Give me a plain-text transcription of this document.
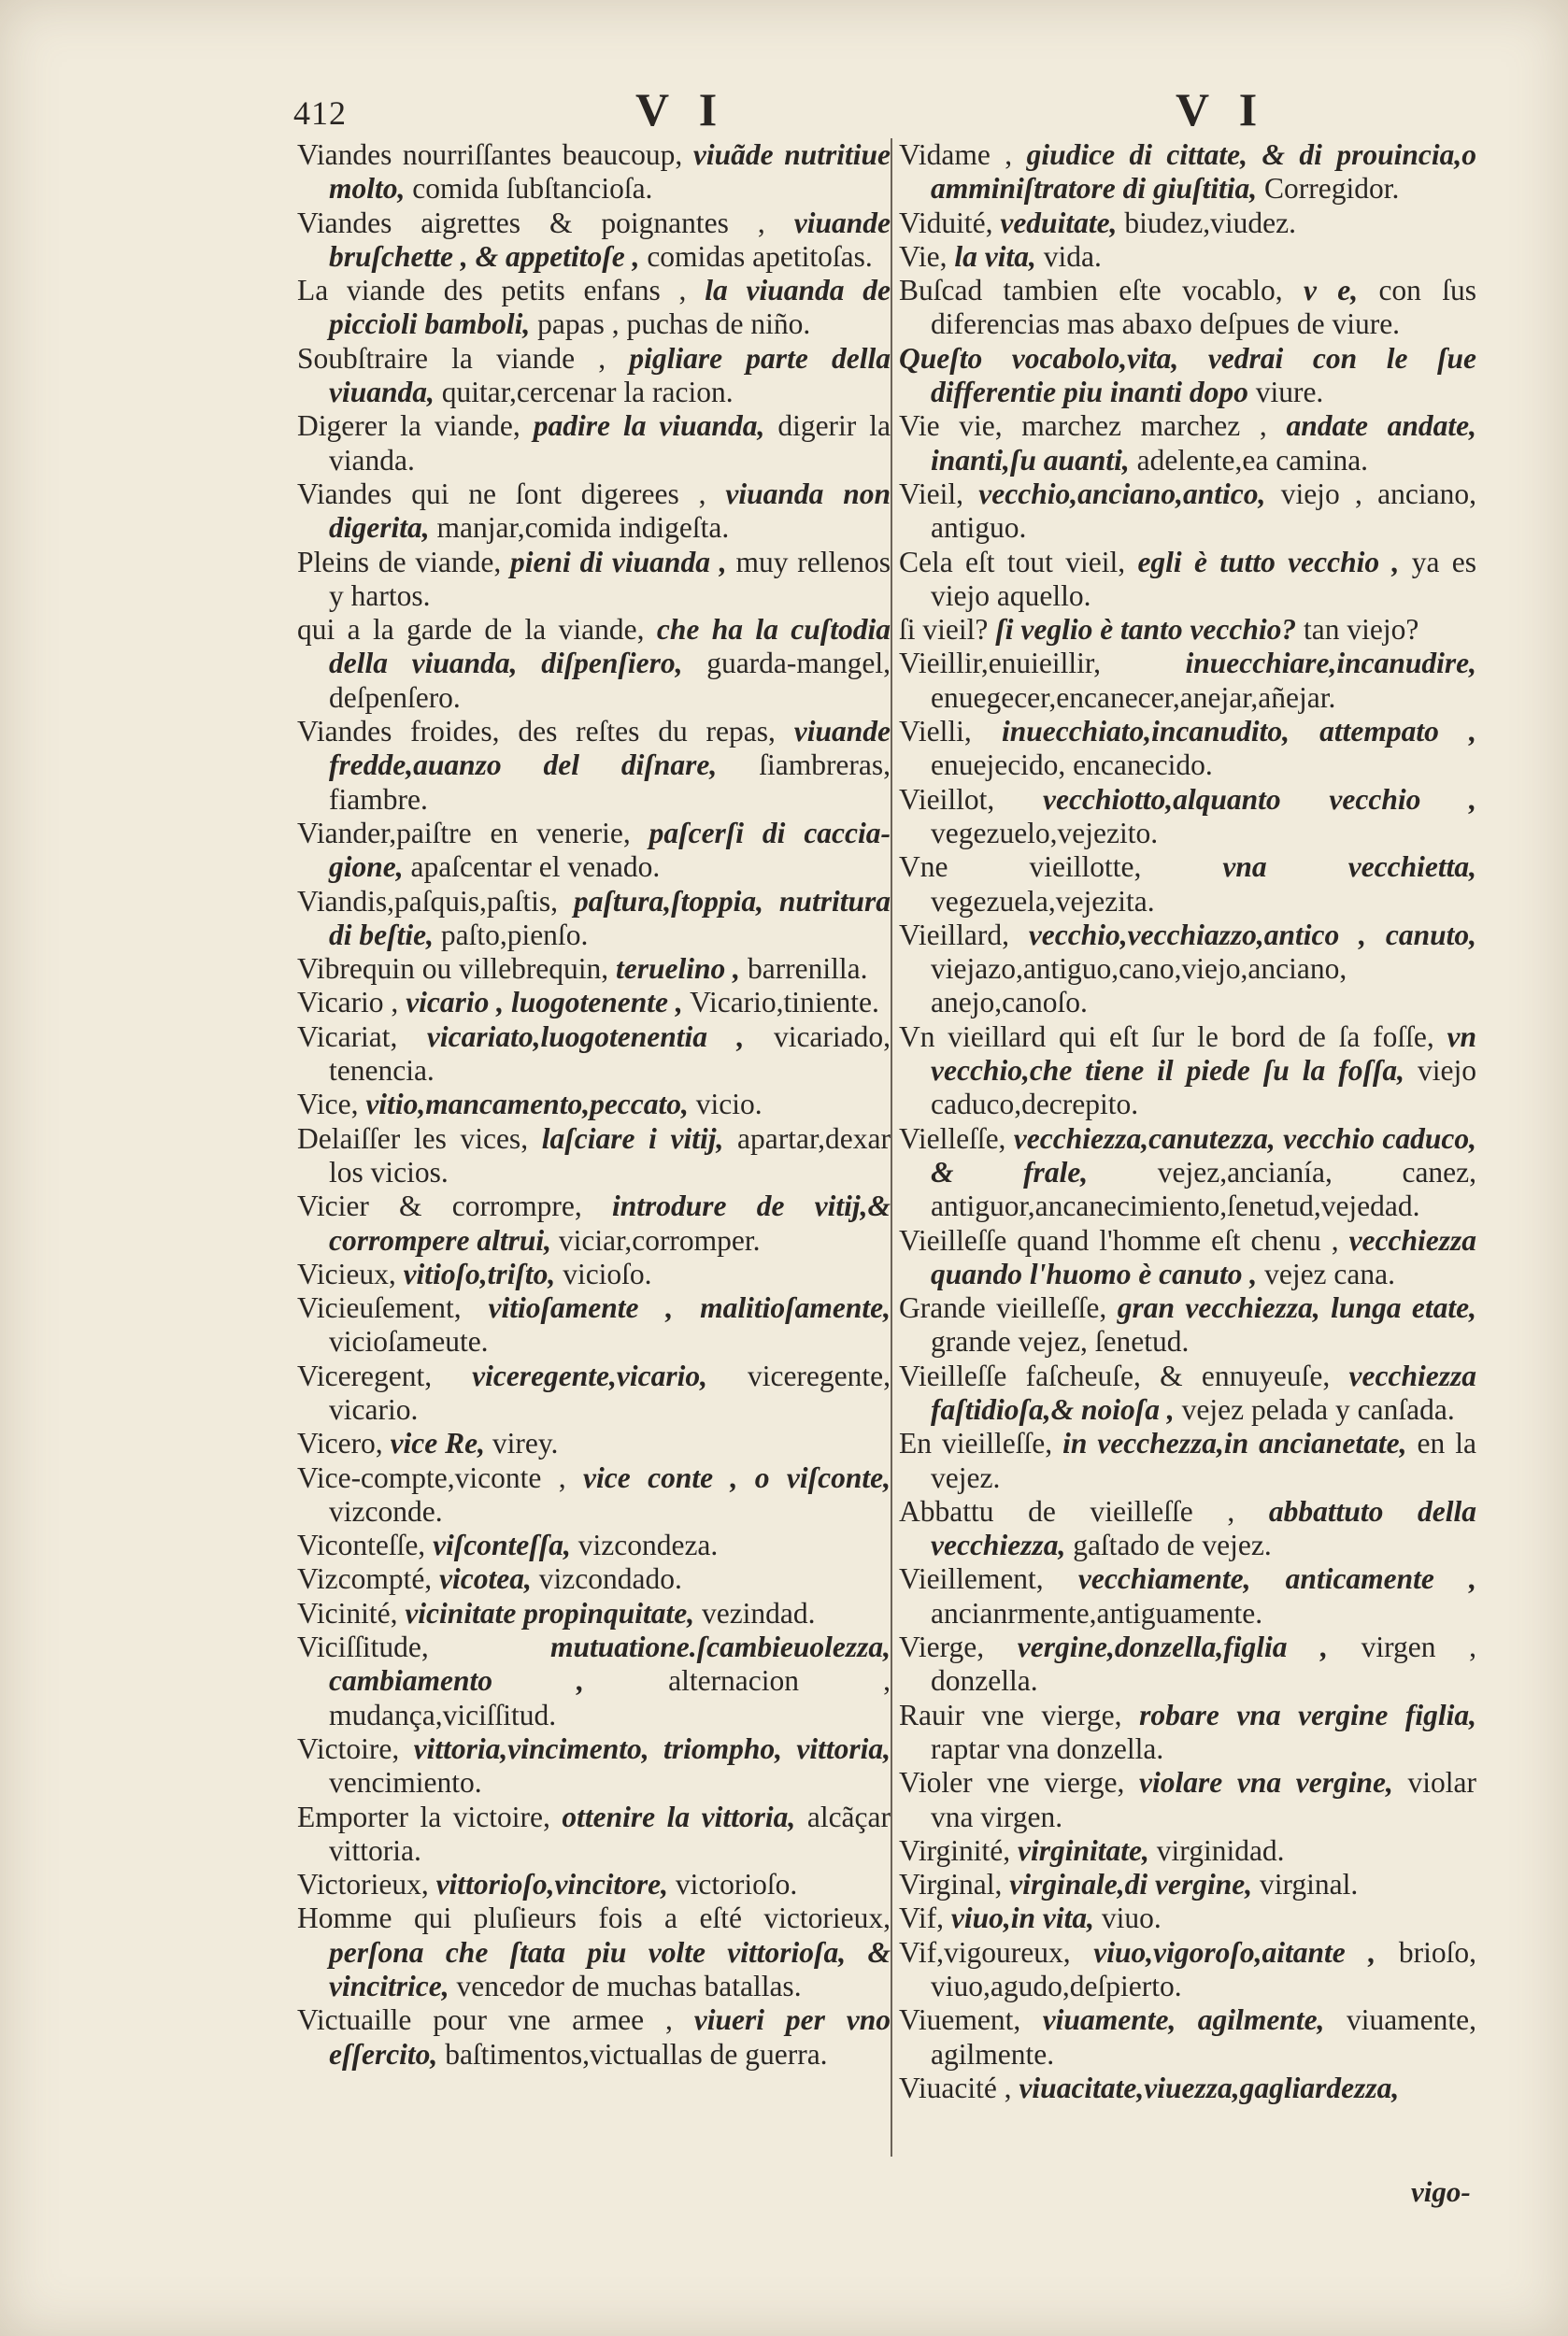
412	V I	V I

Viandes nourriſſantes beaucoup, viuãde nutritiue molto, comida ſubſtancioſa.

Viandes aigrettes & poignantes , viuande bruſchette , & appetitoſe , comidas apetitoſas.

La viande des petits enfans , la viuanda de piccioli bamboli, papas , puchas de niño.

Soubſtraire la viande , pigliare parte della viuanda, quitar,cercenar la racion.

Digerer la viande, padire la viuanda, digerir la vianda.

Viandes qui ne ſont digerees , viuanda non digerita, manjar,comida indigeſta.

Pleins de viande, pieni di viuanda , muy rellenos y hartos.

qui a la garde de la viande, che ha la cuſtodia della viuanda, diſpenſiero, guarda-mangel, deſpenſero.

Viandes froides, des reſtes du repas, viuande fredde,auanzo del diſnare, ſiambreras, fiambre.

Viander,paiſtre en venerie, paſcerſi di caccia-gione, apaſcentar el venado.

Viandis,paſquis,paſtis, paſtura,ſtoppia, nutritura di beſtie, paſto,pienſo.

Vibrequin ou villebrequin, teruelino , barrenilla.

Vicario , vicario , luogotenente , Vicario,tiniente.

Vicariat, vicariato,luogotenentia , vicariado, tenencia.

Vice, vitio,mancamento,peccato, vicio.

Delaiſſer les vices, laſciare i vitij, apartar,dexar los vicios.

Vicier & corrompre, introdure de vitij,& corrompere altrui, viciar,corromper.

Vicieux, vitioſo,triſto, vicioſo.

Vicieuſement, vitioſamente , malitioſamente, vicioſameute.

Viceregent, viceregente,vicario, viceregente, vicario.

Vicero, vice Re, virey.

Vice-compte,viconte , vice conte , o viſconte, vizconde.

Viconteſſe, viſconteſſa, vizcondeza.

Vizcompté, vicotea, vizcondado.

Vicinité, vicinitate propinquitate, vezindad.

Viciſſitude,	mutuatione.ſcambieuolezza, cambiamento ,	alternacion , mudança,viciſſitud.

Victoire, vittoria,vincimento, triompho, vittoria, vencimiento.

Emporter la victoire, ottenire la vittoria, alcãçar vittoria.

Victorieux, vittorioſo,vincitore, victorioſo.

Homme qui pluſieurs fois a eſté victorieux, perſona che ſtata piu volte vittorioſa, & vincitrice, vencedor de muchas batallas.

Victuaille pour vne armee , viueri per vno eſſercito, baſtimentos,victuallas de guerra.

Vidame , giudice di cittate, & di prouincia,o amminiſtratore di giuſtitia, Corregidor.

Viduité, veduitate, biudez,viudez.

Vie, la vita, vida.

Buſcad tambien eſte vocablo, v e, con ſus diferencias mas abaxo deſpues de viure.

Queſto vocabolo,vita, vedrai con le ſue differentie piu inanti dopo viure.

Vie vie, marchez marchez , andate andate, inanti,ſu auanti, adelente,ea camina.

Vieil, vecchio,anciano,antico, viejo , anciano, antiguo.

Cela eſt tout vieil, egli è tutto vecchio , ya es viejo aquello.

ſi vieil? ſi veglio è tanto vecchio? tan viejo?

Vieillir,enuieillir,	inuecchiare,incanudire, enuegecer,encanecer,anejar,añejar.

Vielli, inuecchiato,incanudito, attempato , enuejecido, encanecido.

Vieillot, vecchiotto,alquanto vecchio , vegezuelo,vejezito.

Vne vieillotte,	vna vecchietta, vegezuela,vejezita.

Vieillard, vecchio,vecchiazzo,antico , canuto, viejazo,antiguo,cano,viejo,anciano, anejo,canoſo.

Vn vieillard qui eſt ſur le bord de ſa foſſe, vn vecchio,che tiene il piede ſu la foſſa, viejo caduco,decrepito.

Vielleſſe, vecchiezza,canutezza, vecchio caduco, & frale, vejez,ancianía, canez, antiguor,ancanecimiento,ſenetud,vejedad.

Vieilleſſe quand l'homme eſt chenu , vecchiezza quando l'huomo è canuto , vejez cana.

Grande vieilleſſe, gran vecchiezza, lunga etate, grande vejez, ſenetud.

Vieilleſſe faſcheuſe, & ennuyeuſe, vecchiezza faſtidioſa,& noioſa , vejez pelada y canſada.

En vieilleſſe, in vecchezza,in ancianetate, en la vejez.

Abbattu de vieilleſſe , abbattuto della vecchiezza, gaſtado de vejez.

Vieillement, vecchiamente, anticamente , ancianrmente,antiguamente.

Vierge, vergine,donzella,figlia , virgen , donzella.

Rauir vne vierge, robare vna vergine figlia, raptar vna donzella.

Violer vne vierge, violare vna vergine, violar vna virgen.

Virginité, virginitate, virginidad.

Virginal, virginale,di vergine, virginal.

Vif, viuo,in vita, viuo.

Vif,vigoureux, viuo,vigoroſo,aitante , brioſo, viuo,agudo,deſpierto.

Viuement, viuamente, agilmente, viuamente, agilmente.

Viuacité , viuacitate,viuezza,gagliardezza,

vigo-
